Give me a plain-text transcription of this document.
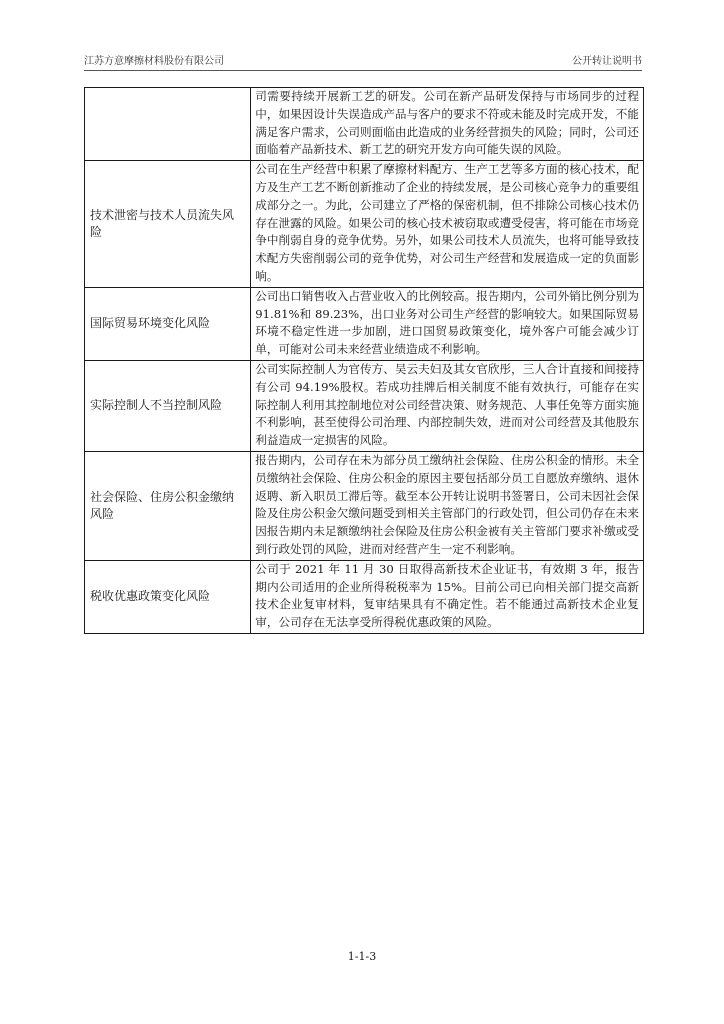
江苏方意摩擦材料股份有限公司	公开转让说明书
	司需要持续开展新工艺的研发。公司在新产品研发保持与市场同步的过程中，如果因设计失误造成产品与客户的要求不符或未能及时完成开发，不能满足客户需求，公司则面临由此造成的业务经营损失的风险；同时，公司还面临着产品新技术、新工艺的研究开发方向可能失误的风险。
技术泄密与技术人员流失风险	公司在生产经营中积累了摩擦材料配方、生产工艺等多方面的核心技术，配方及生产工艺不断创新推动了企业的持续发展，是公司核心竞争力的重要组成部分之一。为此，公司建立了严格的保密机制，但不排除公司核心技术仍存在泄露的风险。如果公司的核心技术被窃取或遭受侵害，将可能在市场竞争中削弱自身的竞争优势。另外，如果公司技术人员流失，也将可能导致技术配方失密削弱公司的竞争优势，对公司生产经营和发展造成一定的负面影响。
国际贸易环境变化风险	公司出口销售收入占营业收入的比例较高。报告期内，公司外销比例分别为 91.81%和 89.23%，出口业务对公司生产经营的影响较大。如果国际贸易环境不稳定性进一步加剧，进口国贸易政策变化，境外客户可能会减少订单，可能对公司未来经营业绩造成不利影响。
实际控制人不当控制风险	公司实际控制人为官传方、吴云夫妇及其女官欣彤，三人合计直接和间接持有公司 94.19%股权。若成功挂牌后相关制度不能有效执行，可能存在实际控制人利用其控制地位对公司经营决策、财务规范、人事任免等方面实施不利影响，甚至使得公司治理、内部控制失效，进而对公司经营及其他股东利益造成一定损害的风险。
社会保险、住房公积金缴纳风险	报告期内，公司存在未为部分员工缴纳社会保险、住房公积金的情形。未全员缴纳社会保险、住房公积金的原因主要包括部分员工自愿放弃缴纳、退休返聘、新入职员工滞后等。截至本公开转让说明书签署日，公司未因社会保险及住房公积金欠缴问题受到相关主管部门的行政处罚，但公司仍存在未来因报告期内未足额缴纳社会保险及住房公积金被有关主管部门要求补缴或受到行政处罚的风险，进而对经营产生一定不利影响。
税收优惠政策变化风险	公司于 2021 年 11 月 30 日取得高新技术企业证书，有效期 3 年，报告期内公司适用的企业所得税税率为 15%。目前公司已向相关部门提交高新技术企业复审材料，复审结果具有不确定性。若不能通过高新技术企业复审，公司存在无法享受所得税优惠政策的风险。
1-1-3
